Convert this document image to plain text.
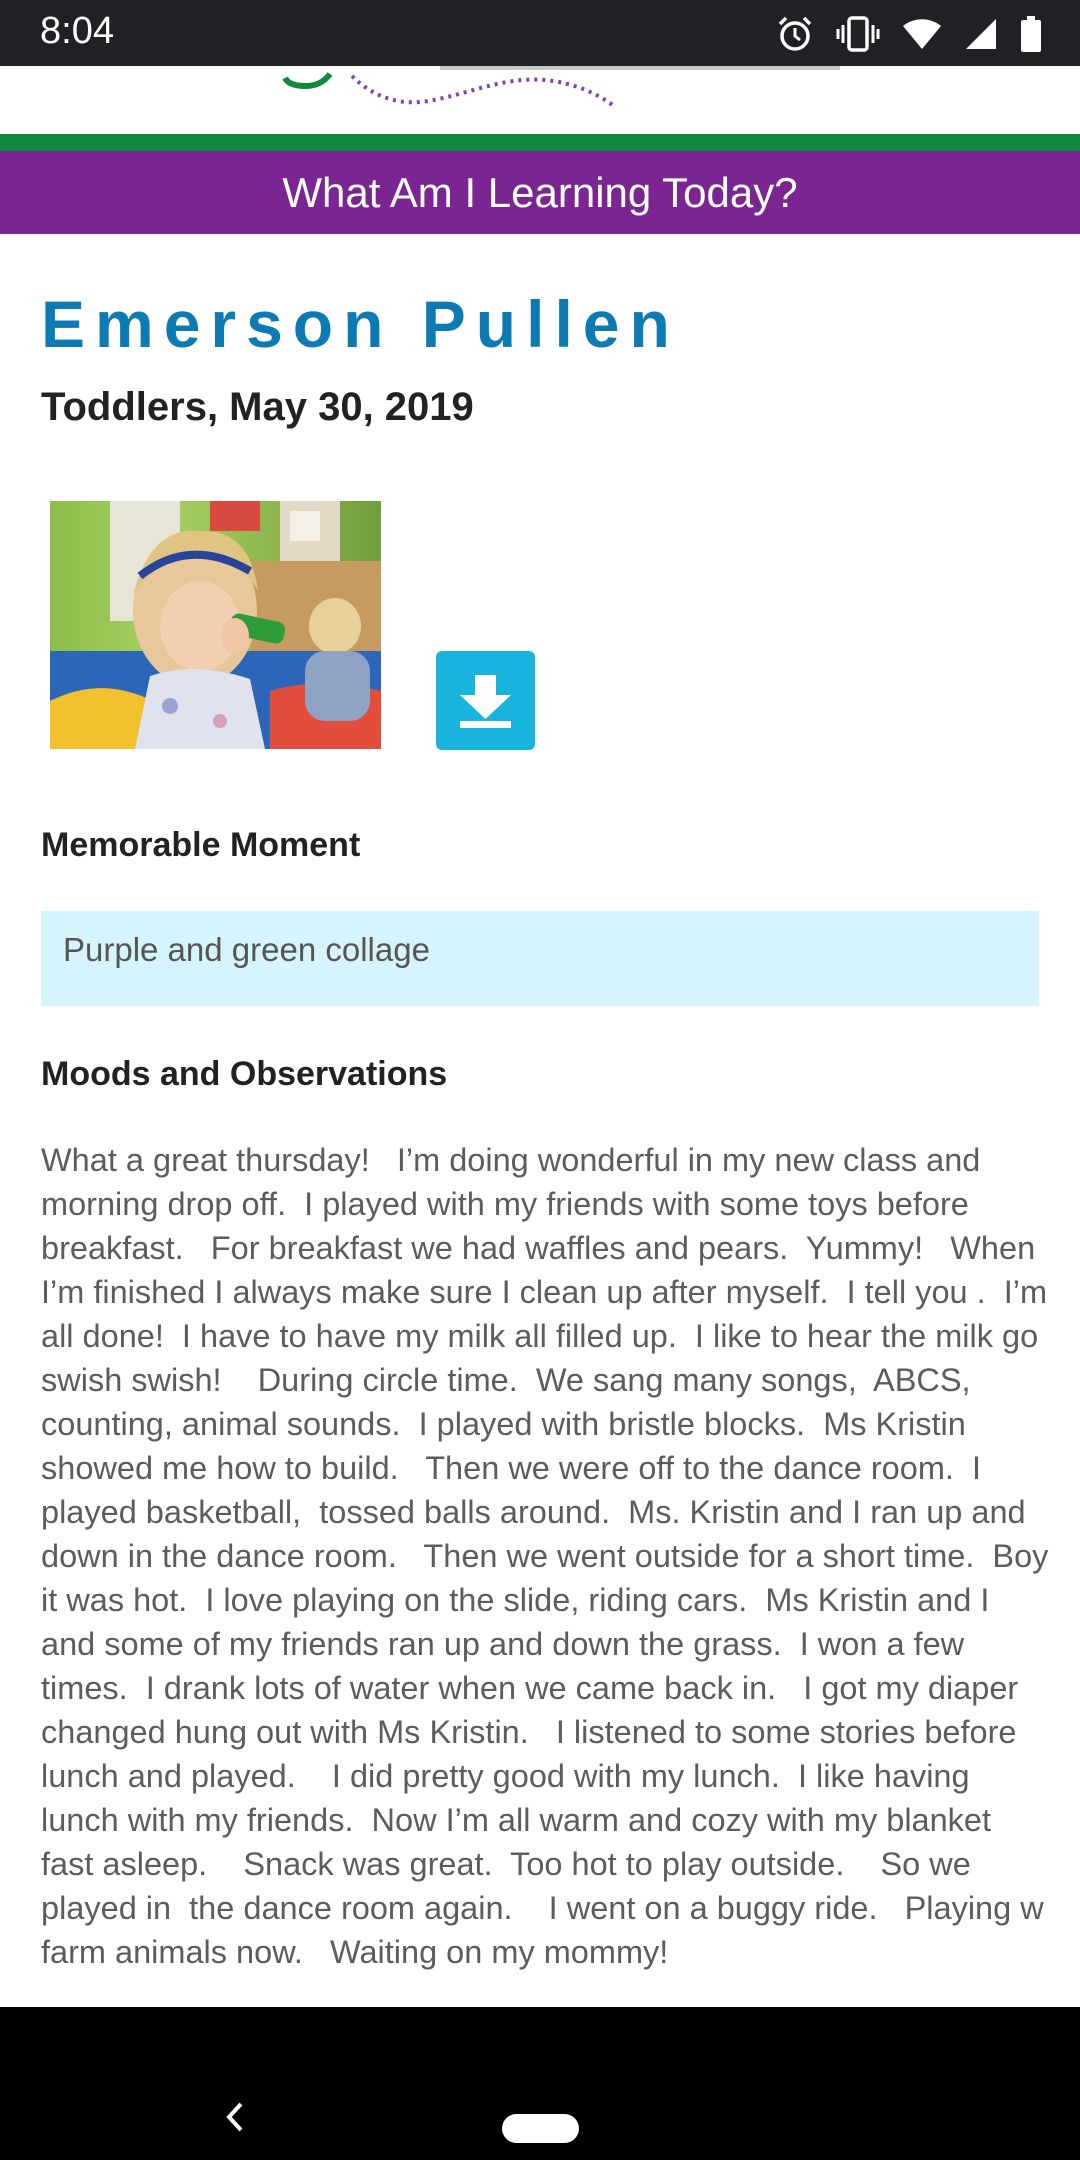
8:04
What Am I Learning Today?
Emerson Pullen
Toddlers, May 30, 2019
Memorable Moment
Purple and green collage
Moods and Observations
What a great thursday!   I’m doing wonderful in my new class and morning drop off.  I played with my friends with some toys before breakfast.   For breakfast we had waffles and pears.  Yummy!   When I’m finished I always make sure I clean up after myself.  I tell you .  I’m all done!  I have to have my milk all filled up.  I like to hear the milk go swish swish!    During circle time.  We sang many songs,  ABCS, counting, animal sounds.  I played with bristle blocks.  Ms Kristin showed me how to build.   Then we were off to the dance room.  I played basketball,  tossed balls around.  Ms. Kristin and I ran up and down in the dance room.   Then we went outside for a short time.  Boy it was hot.  I love playing on the slide, riding cars.  Ms Kristin and I and some of my friends ran up and down the grass.  I won a few times.  I drank lots of water when we came back in.   I got my diaper changed hung out with Ms Kristin.   I listened to some stories before lunch and played.    I did pretty good with my lunch.  I like having lunch with my friends.  Now I’m all warm and cozy with my blanket fast asleep.    Snack was great.  Too hot to play outside.    So we played in  the dance room again.    I went on a buggy ride.   Playing w farm animals now.   Waiting on my mommy!
